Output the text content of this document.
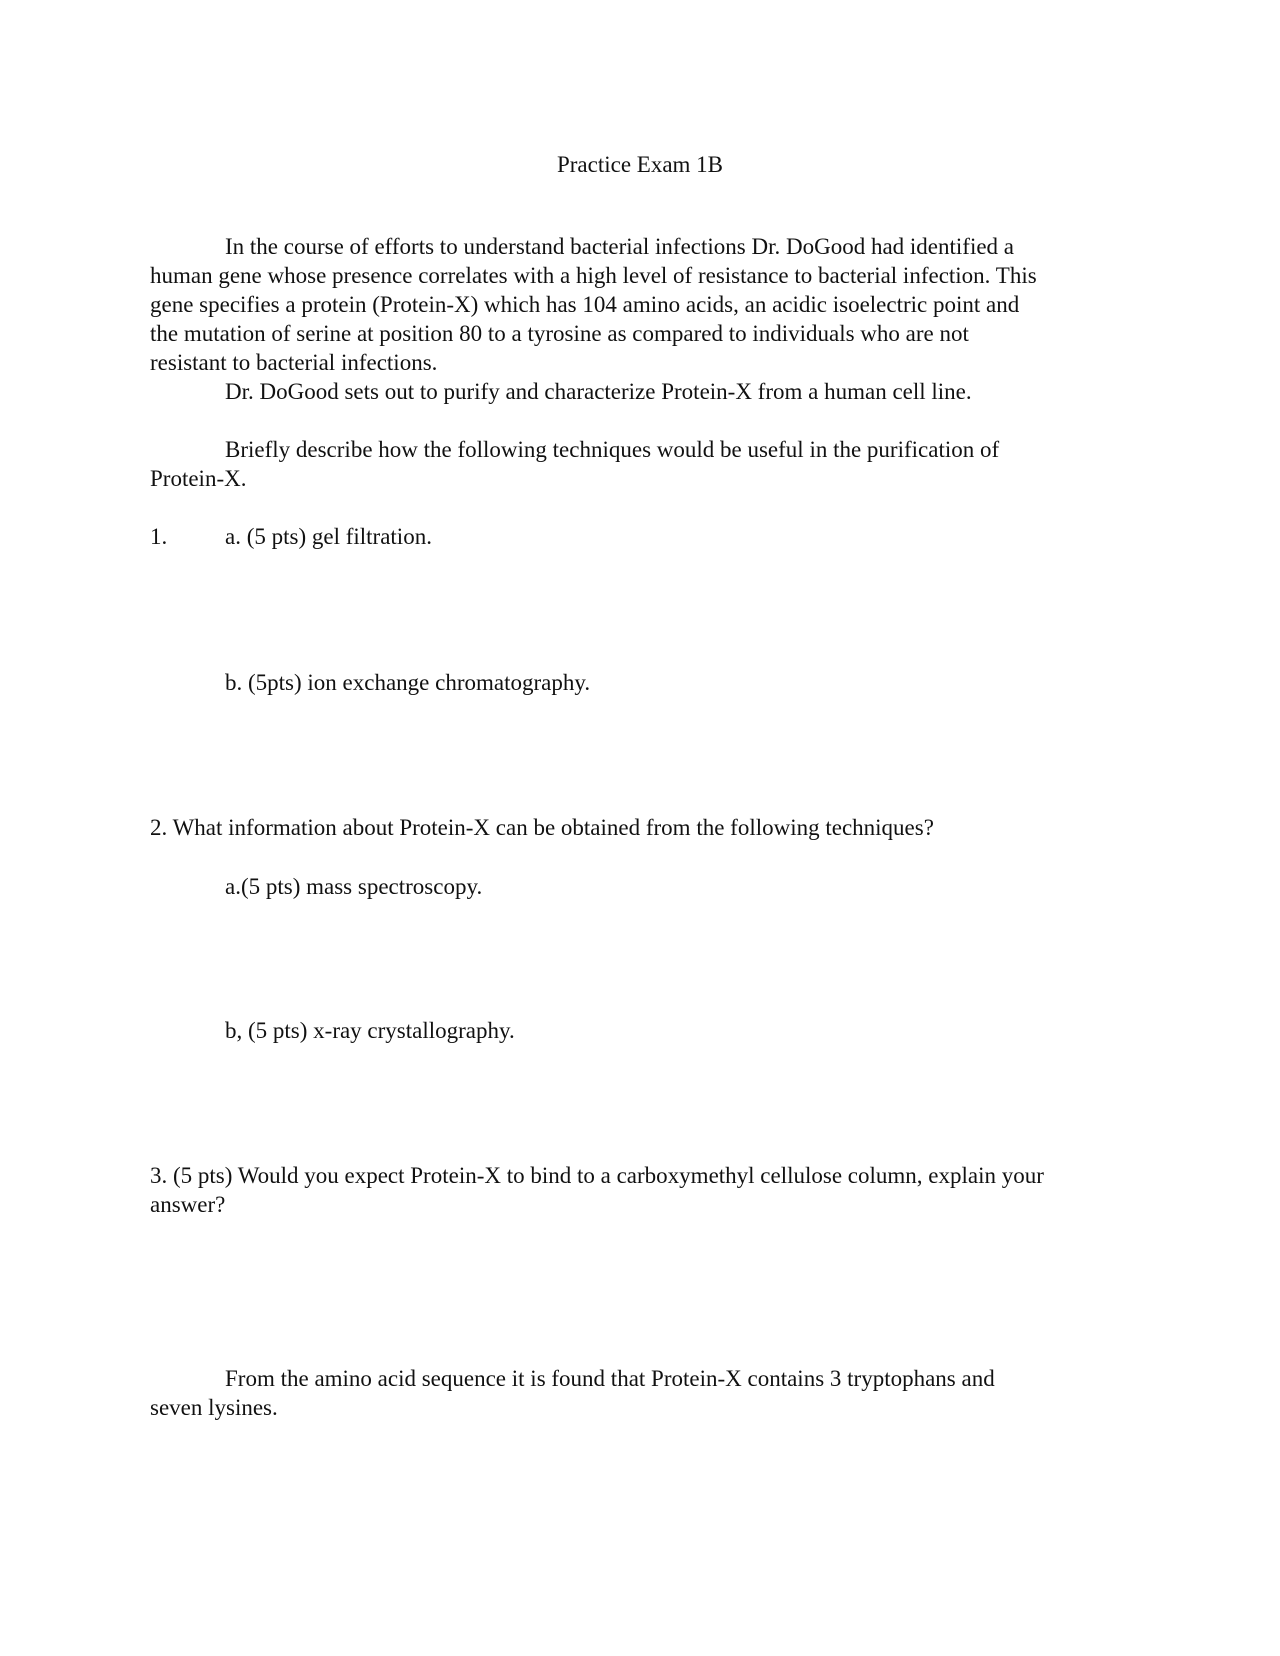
Practice Exam 1B
In the course of efforts to understand bacterial infections Dr. DoGood had identified a
human gene whose presence correlates with a high level of resistance to bacterial infection. This
gene specifies a protein (Protein-X) which has 104 amino acids, an acidic isoelectric point and
the mutation of serine at position 80 to a tyrosine as compared to individuals who are not
resistant to bacterial infections.
Dr. DoGood sets out to purify and characterize Protein-X from a human cell line.
Briefly describe how the following techniques would be useful in the purification of
Protein-X.
1.	a. (5 pts) gel filtration.
b. (5pts) ion exchange chromatography.
2. What information about Protein-X can be obtained from the following techniques?
a.(5 pts) mass spectroscopy.
b, (5 pts) x-ray crystallography.
3. (5 pts) Would you expect Protein-X to bind to a carboxymethyl cellulose column, explain your
answer?
From the amino acid sequence it is found that Protein-X contains 3 tryptophans and
seven lysines.
